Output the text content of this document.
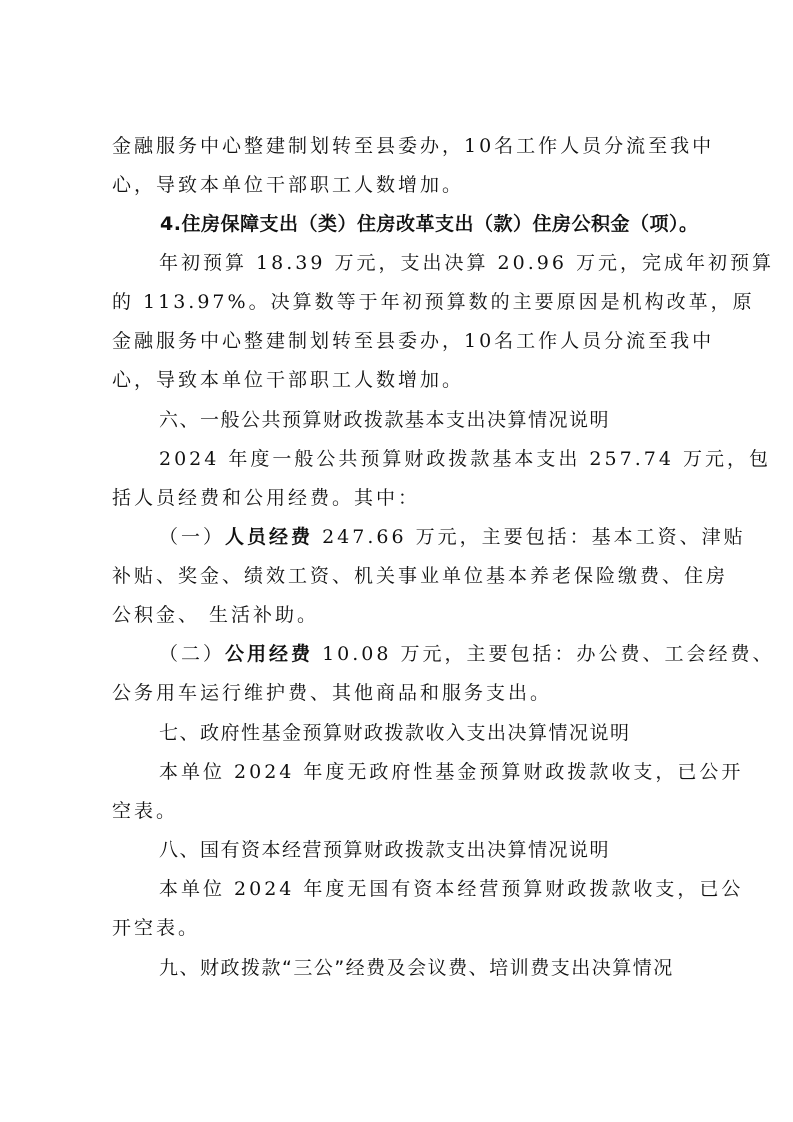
金融服务中心整建制划转至县委办，10名工作人员分流至我中
心，导致本单位干部职工人数增加。
4.住房保障支出（类）住房改革支出（款）住房公积金（项）。
年初预算 18.39 万元，支出决算 20.96 万元，完成年初预算
的 113.97%。决算数等于年初预算数的主要原因是机构改革，原
金融服务中心整建制划转至县委办，10名工作人员分流至我中
心，导致本单位干部职工人数增加。
六、一般公共预算财政拨款基本支出决算情况说明
2024 年度一般公共预算财政拨款基本支出 257.74 万元，包
括人员经费和公用经费。其中：
（一）人员经费 247.66 万元，主要包括：基本工资、津贴
补贴、奖金、绩效工资、机关事业单位基本养老保险缴费、住房
公积金、 生活补助。
（二）公用经费 10.08 万元，主要包括：办公费、工会经费、
公务用车运行维护费、其他商品和服务支出。
七、政府性基金预算财政拨款收入支出决算情况说明
本单位 2024 年度无政府性基金预算财政拨款收支，已公开
空表。
八、国有资本经营预算财政拨款支出决算情况说明
本单位 2024 年度无国有资本经营预算财政拨款收支，已公
开空表。
九、财政拨款“三公”经费及会议费、培训费支出决算情况
